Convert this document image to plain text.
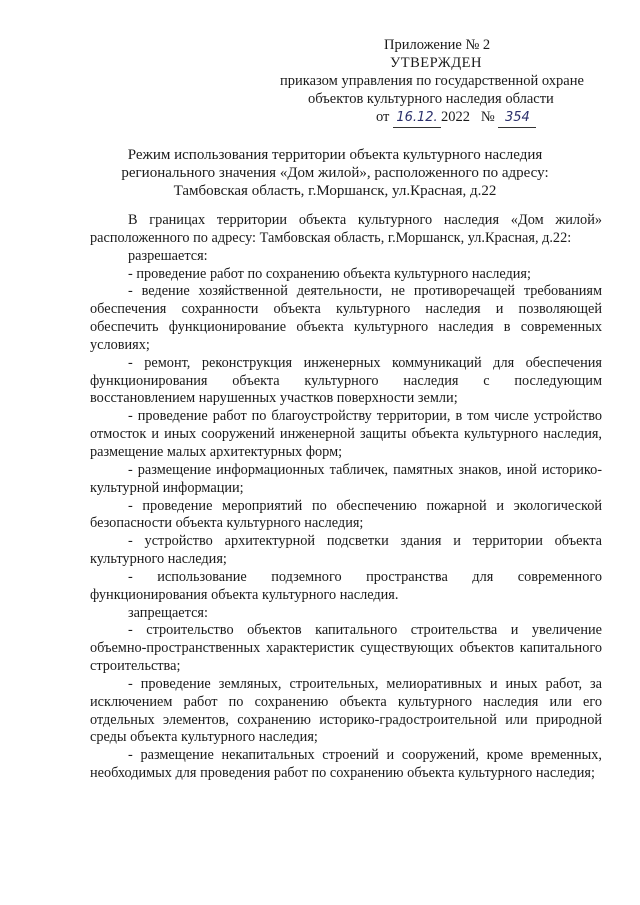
Приложение № 2
УТВЕРЖДЕН
приказом управления по государственной охране
объектов культурного наследия области
от 16.12. 2022 № 354
Режим использования территории объекта культурного наследия
регионального значения «Дом жилой», расположенного по адресу:
Тамбовская область, г.Моршанск, ул.Красная, д.22

В границах территории объекта культурного наследия «Дом жилой» расположенного по адресу: Тамбовская область, г.Моршанск, ул.Красная, д.22:

разрешается:

- проведение работ по сохранению объекта культурного наследия;

- ведение хозяйственной деятельности, не противоречащей требованиям обеспечения сохранности объекта культурного наследия и позволяющей обеспечить функционирование объекта культурного наследия в современных условиях;

- ремонт, реконструкция инженерных коммуникаций для обеспечения функционирования объекта культурного наследия с последующим восстановлением нарушенных участков поверхности земли;

- проведение работ по благоустройству территории, в том числе устройство отмосток и иных сооружений инженерной защиты объекта культурного наследия, размещение малых архитектурных форм;

- размещение информационных табличек, памятных знаков, иной историко-культурной информации;

- проведение мероприятий по обеспечению пожарной и экологической безопасности объекта культурного наследия;

- устройство архитектурной подсветки здания и территории объекта культурного наследия;

- использование подземного пространства для современного функционирования объекта культурного наследия.

запрещается:

- строительство объектов капитального строительства и увеличение объемно-пространственных характеристик существующих объектов капитального строительства;

- проведение земляных, строительных, мелиоративных и иных работ, за исключением работ по сохранению объекта культурного наследия или его отдельных элементов, сохранению историко-градостроительной или природной среды объекта культурного наследия;

- размещение некапитальных строений и сооружений, кроме временных, необходимых для проведения работ по сохранению объекта культурного наследия;
